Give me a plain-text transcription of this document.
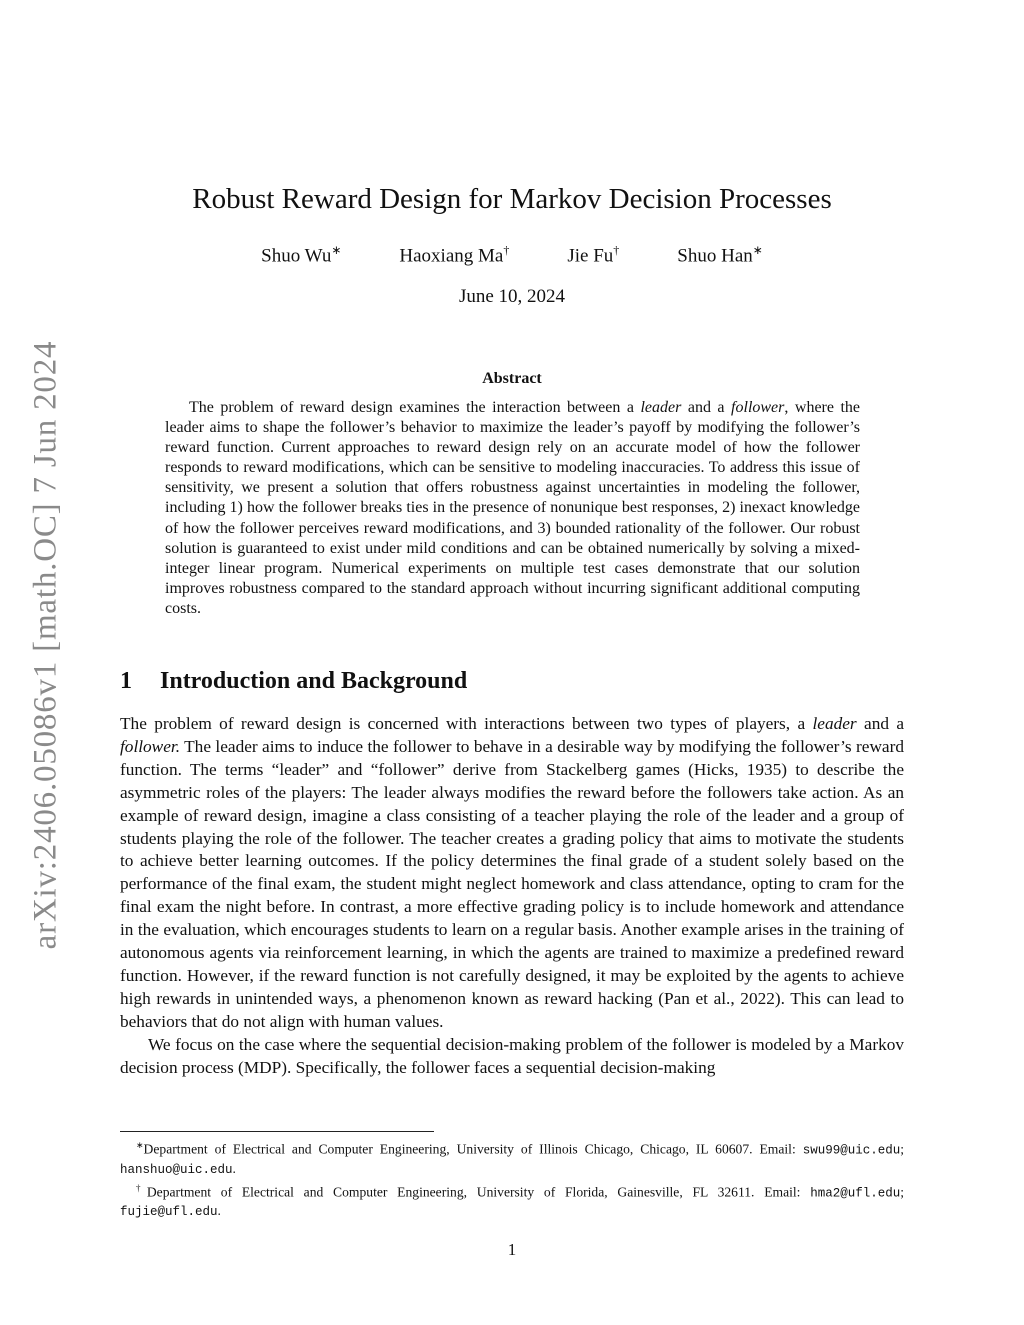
arXiv:2406.05086v1 [math.OC] 7 Jun 2024
Robust Reward Design for Markov Decision Processes
Shuo Wu∗	Haoxiang Ma†	Jie Fu†	Shuo Han∗
June 10, 2024
Abstract
  The problem of reward design examines the interaction between a leader and a follower, where the leader aims to shape the follower’s behavior to maximize the leader’s payoff by modifying the follower’s reward function. Current approaches to reward design rely on an accurate model of how the follower responds to reward modifications, which can be sensitive to modeling inaccuracies. To address this issue of sensitivity, we present a solution that offers robustness against uncertainties in modeling the follower, including 1) how the follower breaks ties in the presence of nonunique best responses, 2) inexact knowledge of how the follower perceives reward modifications, and 3) bounded rationality of the follower. Our robust solution is guaranteed to exist under mild conditions and can be obtained numerically by solving a mixed-integer linear program. Numerical experiments on multiple test cases demonstrate that our solution improves robustness compared to the standard approach without incurring significant additional computing costs.
1 Introduction and Background

The problem of reward design is concerned with interactions between two types of players, a leader and a follower. The leader aims to induce the follower to behave in a desirable way by modifying the follower’s reward function. The terms “leader” and “follower” derive from Stackelberg games (Hicks, 1935) to describe the asymmetric roles of the players: The leader always modifies the reward before the followers take action. As an example of reward design, imagine a class consisting of a teacher playing the role of the leader and a group of students playing the role of the follower. The teacher creates a grading policy that aims to motivate the students to achieve better learning outcomes. If the policy determines the final grade of a student solely based on the performance of the final exam, the student might neglect homework and class attendance, opting to cram for the final exam the night before. In contrast, a more effective grading policy is to include homework and attendance in the evaluation, which encourages students to learn on a regular basis. Another example arises in the training of autonomous agents via reinforcement learning, in which the agents are trained to maximize a predefined reward function. However, if the reward function is not carefully designed, it may be exploited by the agents to achieve high rewards in unintended ways, a phenomenon known as reward hacking (Pan et al., 2022). This can lead to behaviors that do not align with human values.

We focus on the case where the sequential decision-making problem of the follower is modeled by a Markov decision process (MDP). Specifically, the follower faces a sequential decision-making

∗Department of Electrical and Computer Engineering, University of Illinois Chicago, Chicago, IL 60607. Email: swu99@uic.edu; hanshuo@uic.edu.

†Department of Electrical and Computer Engineering, University of Florida, Gainesville, FL 32611. Email: hma2@ufl.edu; fujie@ufl.edu.

1
